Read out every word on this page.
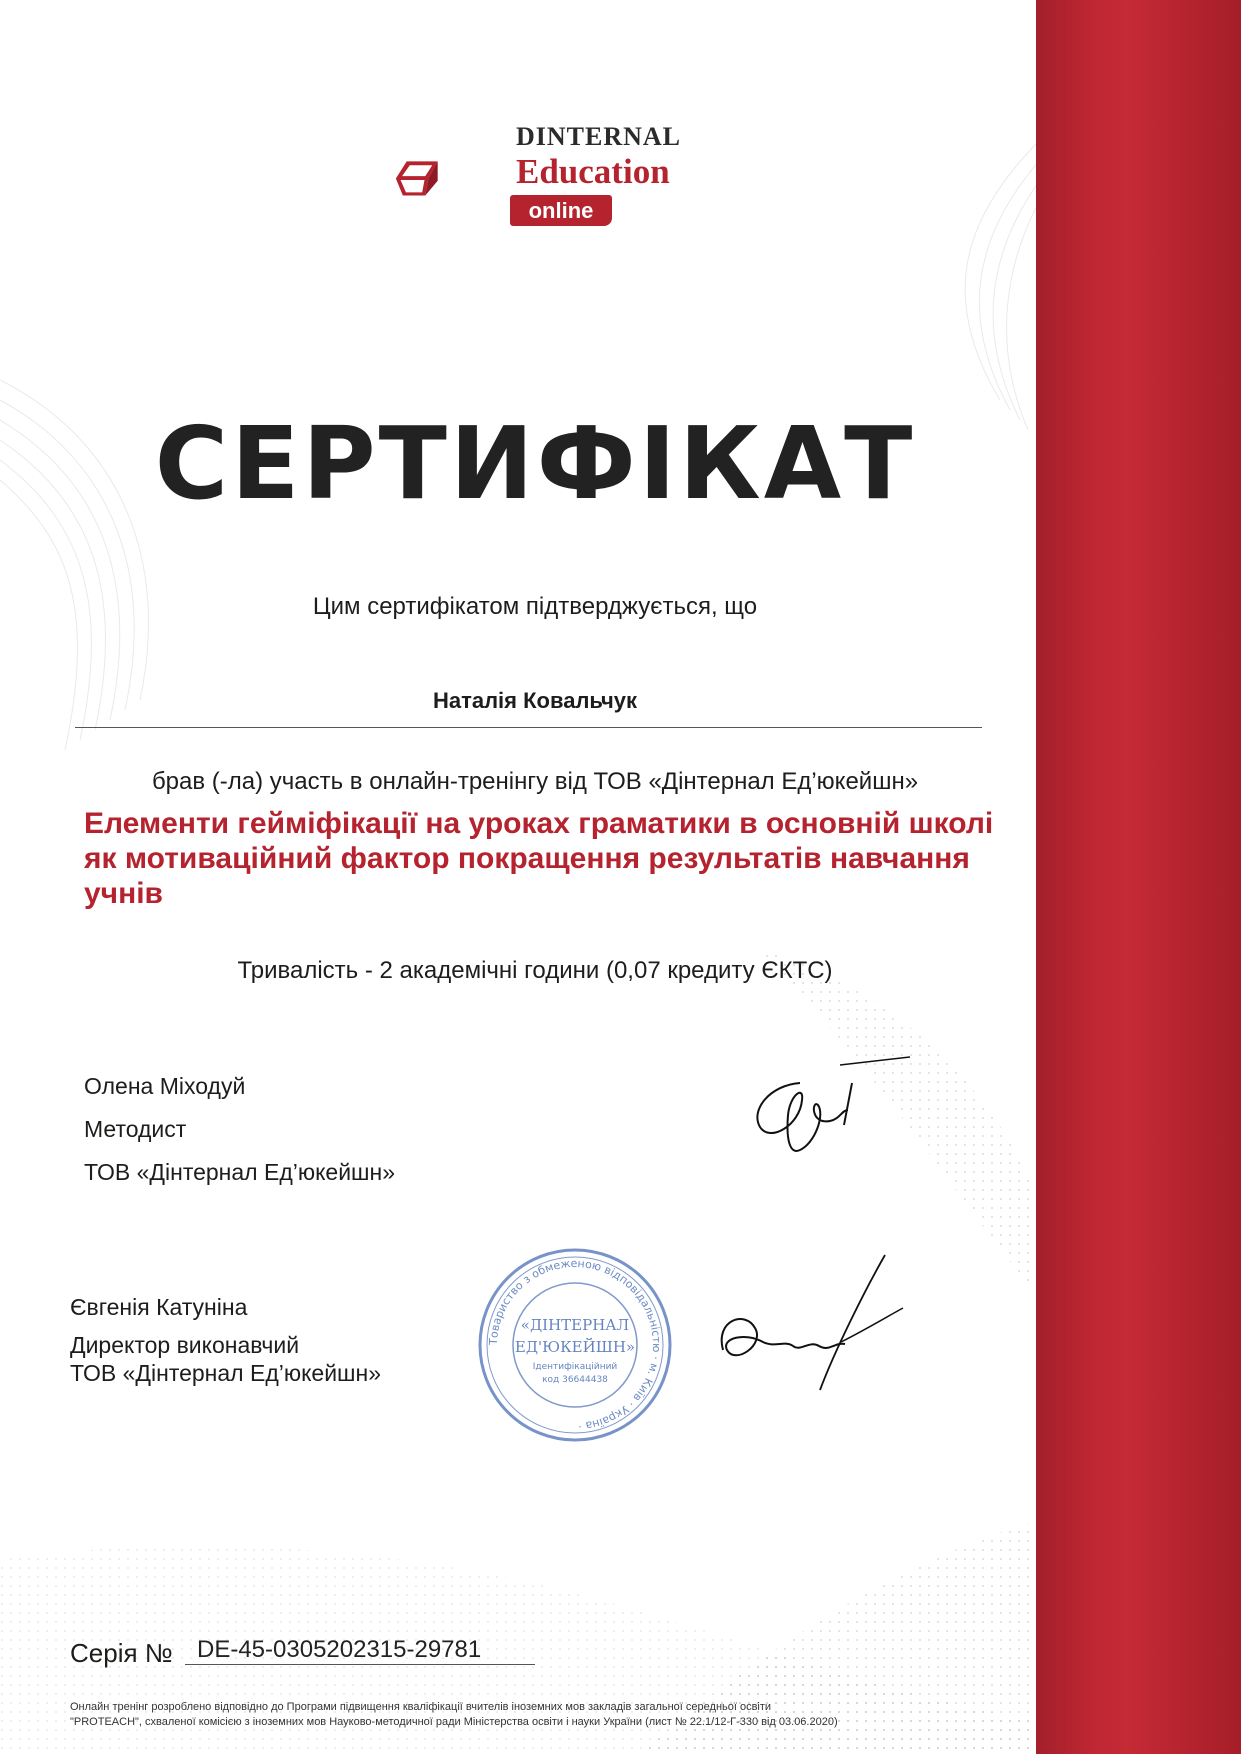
DINTERNAL
Education
online
СЕРТИФІКАТ
Цим сертифікатом підтверджується, що
Наталія Ковальчук
брав (-ла) участь в онлайн-тренінгу від ТОВ «Дінтернал Ед’юкейшн»
Елементи гейміфікації на уроках граматики в основній школі як мотиваційний фактор покращення результатів навчання учнів
Тривалість - 2 академічні години (0,07 кредиту ЄКТС)
Олена Міходуй
Методист
ТОВ «Дінтернал Ед’юкейшн»
Євгенія Катуніна
Директор виконавчий
ТОВ «Дінтернал Ед’юкейшн»
Товариство з обмеженою відповідальністю · м. Київ · Україна ·
«ДІНТЕРНАЛ
ЕД'ЮКЕЙШН»
Ідентифікаційний
код 36644438
Серія № DE-45-0305202315-29781
Онлайн тренінг розроблено відповідно до Програми підвищення кваліфікації вчителів іноземних мов закладів загальної середньої освіти
"PROTEACH", схваленої комісією з іноземних мов Науково-методичної ради Міністерства освіти і науки України (лист № 22.1/12-Г-330 від 03.06.2020)
